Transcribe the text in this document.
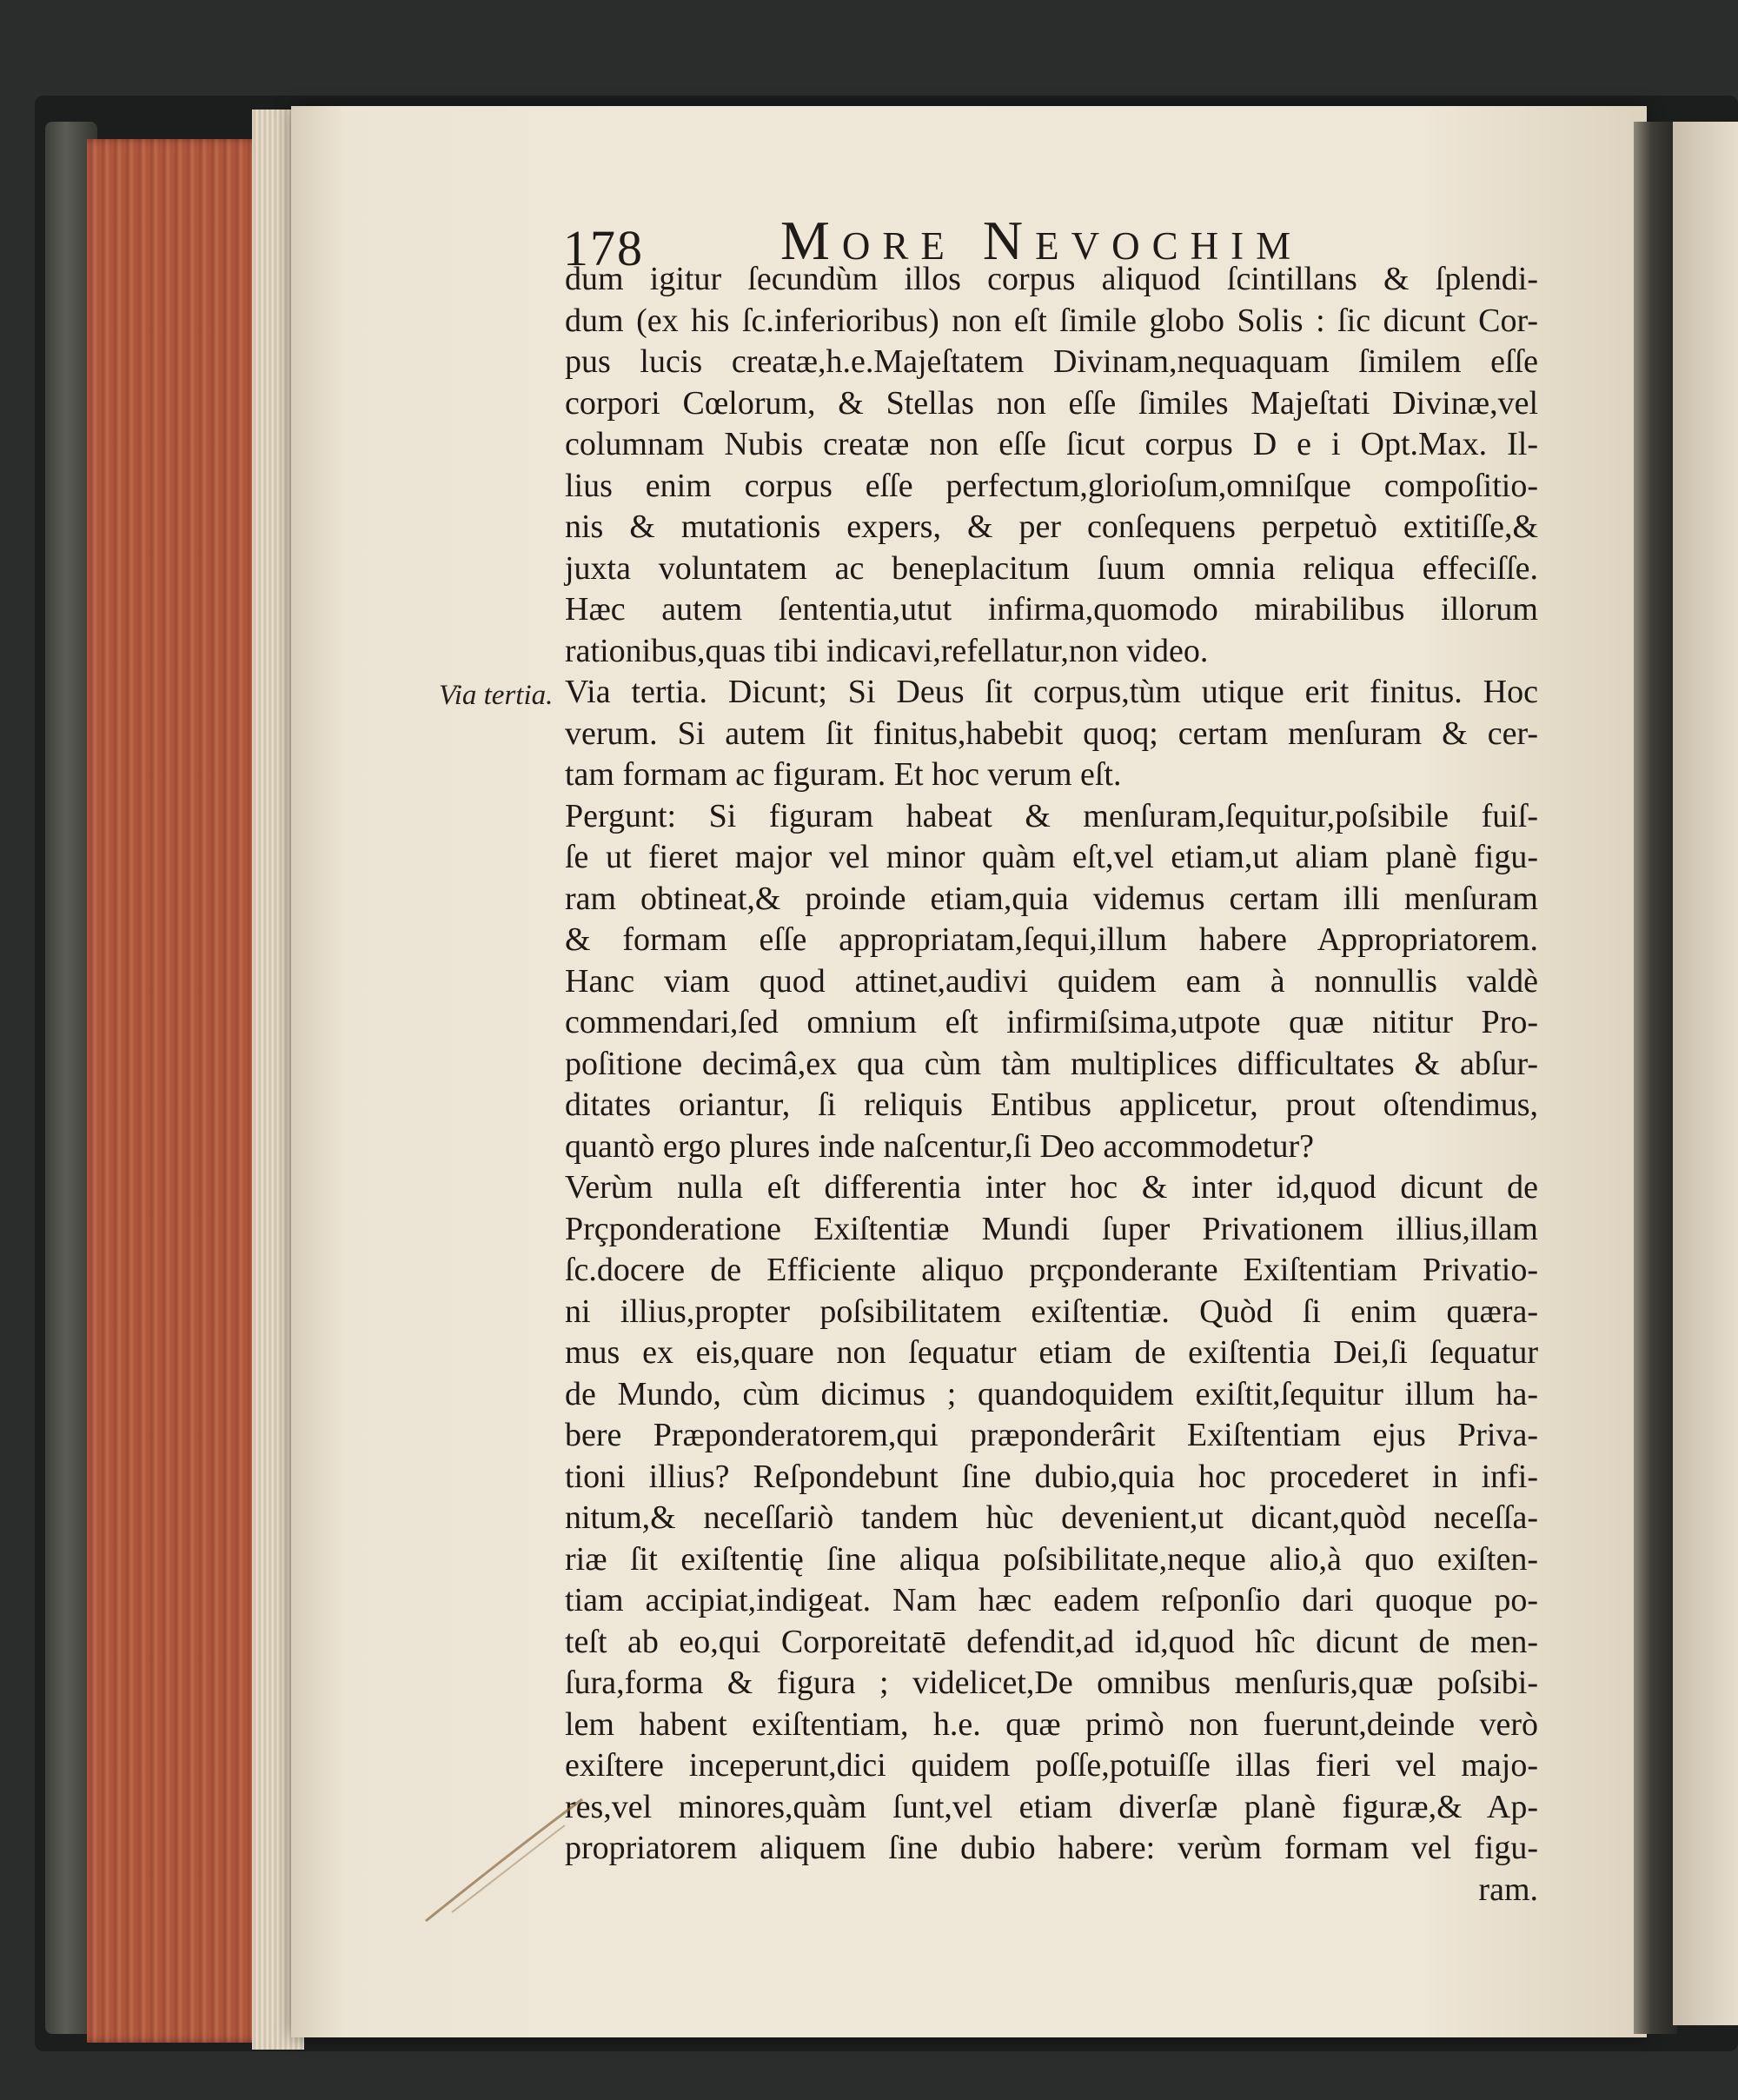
178 More Nevochim
Via tertia.
dum igitur ſecundùm illos corpus aliquod ſcintillans & ſplendi-
dum (ex his ſc.inferioribus) non eſt ſimile globo Solis : ſic dicunt Cor-
pus lucis creatæ,h.e.Majeſtatem Divinam,nequaquam ſimilem eſſe
corpori Cœlorum, & Stellas non eſſe ſimiles Majeſtati Divinæ,vel
columnam Nubis creatæ non eſſe ſicut corpus D e i Opt.Max. Il-
lius enim corpus eſſe perfectum,glorioſum,omniſque compoſitio-
nis & mutationis expers, & per conſequens perpetuò extitiſſe,&
juxta voluntatem ac beneplacitum ſuum omnia reliqua effeciſſe.
Hæc autem ſententia,utut infirma,quomodo mirabilibus illorum
rationibus,quas tibi indicavi,refellatur,non video.
Via tertia. Dicunt; Si Deus ſit corpus,tùm utique erit finitus. Hoc
verum. Si autem ſit finitus,habebit quoq; certam menſuram & cer-
tam formam ac figuram. Et hoc verum eſt.
Pergunt: Si figuram habeat & menſuram,ſequitur,poſsibile fuiſ-
ſe ut fieret major vel minor quàm eſt,vel etiam,ut aliam planè figu-
ram obtineat,& proinde etiam,quia videmus certam illi menſuram
& formam eſſe appropriatam,ſequi,illum habere Appropriatorem.
Hanc viam quod attinet,audivi quidem eam à nonnullis valdè
commendari,ſed omnium eſt infirmiſsima,utpote quæ nititur Pro-
poſitione decimâ,ex qua cùm tàm multiplices difficultates & abſur-
ditates oriantur, ſi reliquis Entibus applicetur, prout oſtendimus,
quantò ergo plures inde naſcentur,ſi Deo accommodetur?
Verùm nulla eſt differentia inter hoc & inter id,quod dicunt de
Prçponderatione Exiſtentiæ Mundi ſuper Privationem illius,illam
ſc.docere de Efficiente aliquo prçponderante Exiſtentiam Privatio-
ni illius,propter poſsibilitatem exiſtentiæ. Quòd ſi enim quæra-
mus ex eis,quare non ſequatur etiam de exiſtentia Dei,ſi ſequatur
de Mundo, cùm dicimus ; quandoquidem exiſtit,ſequitur illum ha-
bere Præponderatorem,qui præponderârit Exiſtentiam ejus Priva-
tioni illius? Reſpondebunt ſine dubio,quia hoc procederet in infi-
nitum,& neceſſariò tandem hùc devenient,ut dicant,quòd neceſſa-
riæ ſit exiſtentię ſine aliqua poſsibilitate,neque alio,à quo exiſten-
tiam accipiat,indigeat. Nam hæc eadem reſponſio dari quoque po-
teſt ab eo,qui Corporeitatē defendit,ad id,quod hîc dicunt de men-
ſura,forma & figura ; videlicet,De omnibus menſuris,quæ poſsibi-
lem habent exiſtentiam, h.e. quæ primò non fuerunt,deinde verò
exiſtere inceperunt,dici quidem poſſe,potuiſſe illas fieri vel majo-
res,vel minores,quàm ſunt,vel etiam diverſæ planè figuræ,& Ap-
propriatorem aliquem ſine dubio habere: verùm formam vel figu-
ram.
